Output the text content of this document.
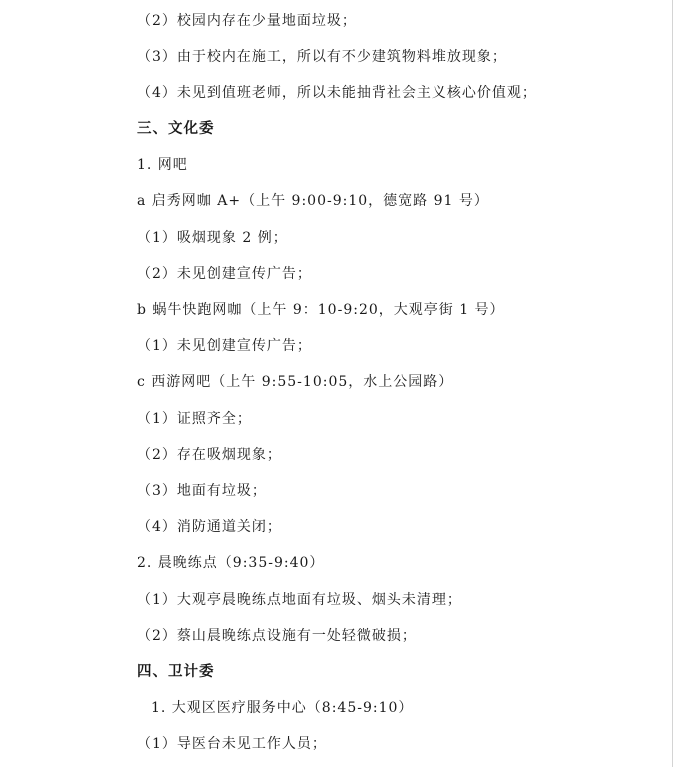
（2）校园内存在少量地面垃圾；
（3）由于校内在施工，所以有不少建筑物料堆放现象；
（4）未见到值班老师，所以未能抽背社会主义核心价值观；
三、文化委
1. 网吧
a 启秀网咖 A+（上午 9:00-9:10，德宽路 91 号）
（1）吸烟现象 2 例；
（2）未见创建宣传广告；
b 蜗牛快跑网咖（上午 9：10-9:20，大观亭街 1 号）
（1）未见创建宣传广告；
c 西游网吧（上午 9:55-10:05，水上公园路）
（1）证照齐全；
（2）存在吸烟现象；
（3）地面有垃圾；
（4）消防通道关闭；
2. 晨晚练点（9:35-9:40）
（1）大观亭晨晚练点地面有垃圾、烟头未清理；
（2）蔡山晨晚练点设施有一处轻微破损；
四、卫计委
1. 大观区医疗服务中心（8:45-9:10）
（1）导医台未见工作人员；
